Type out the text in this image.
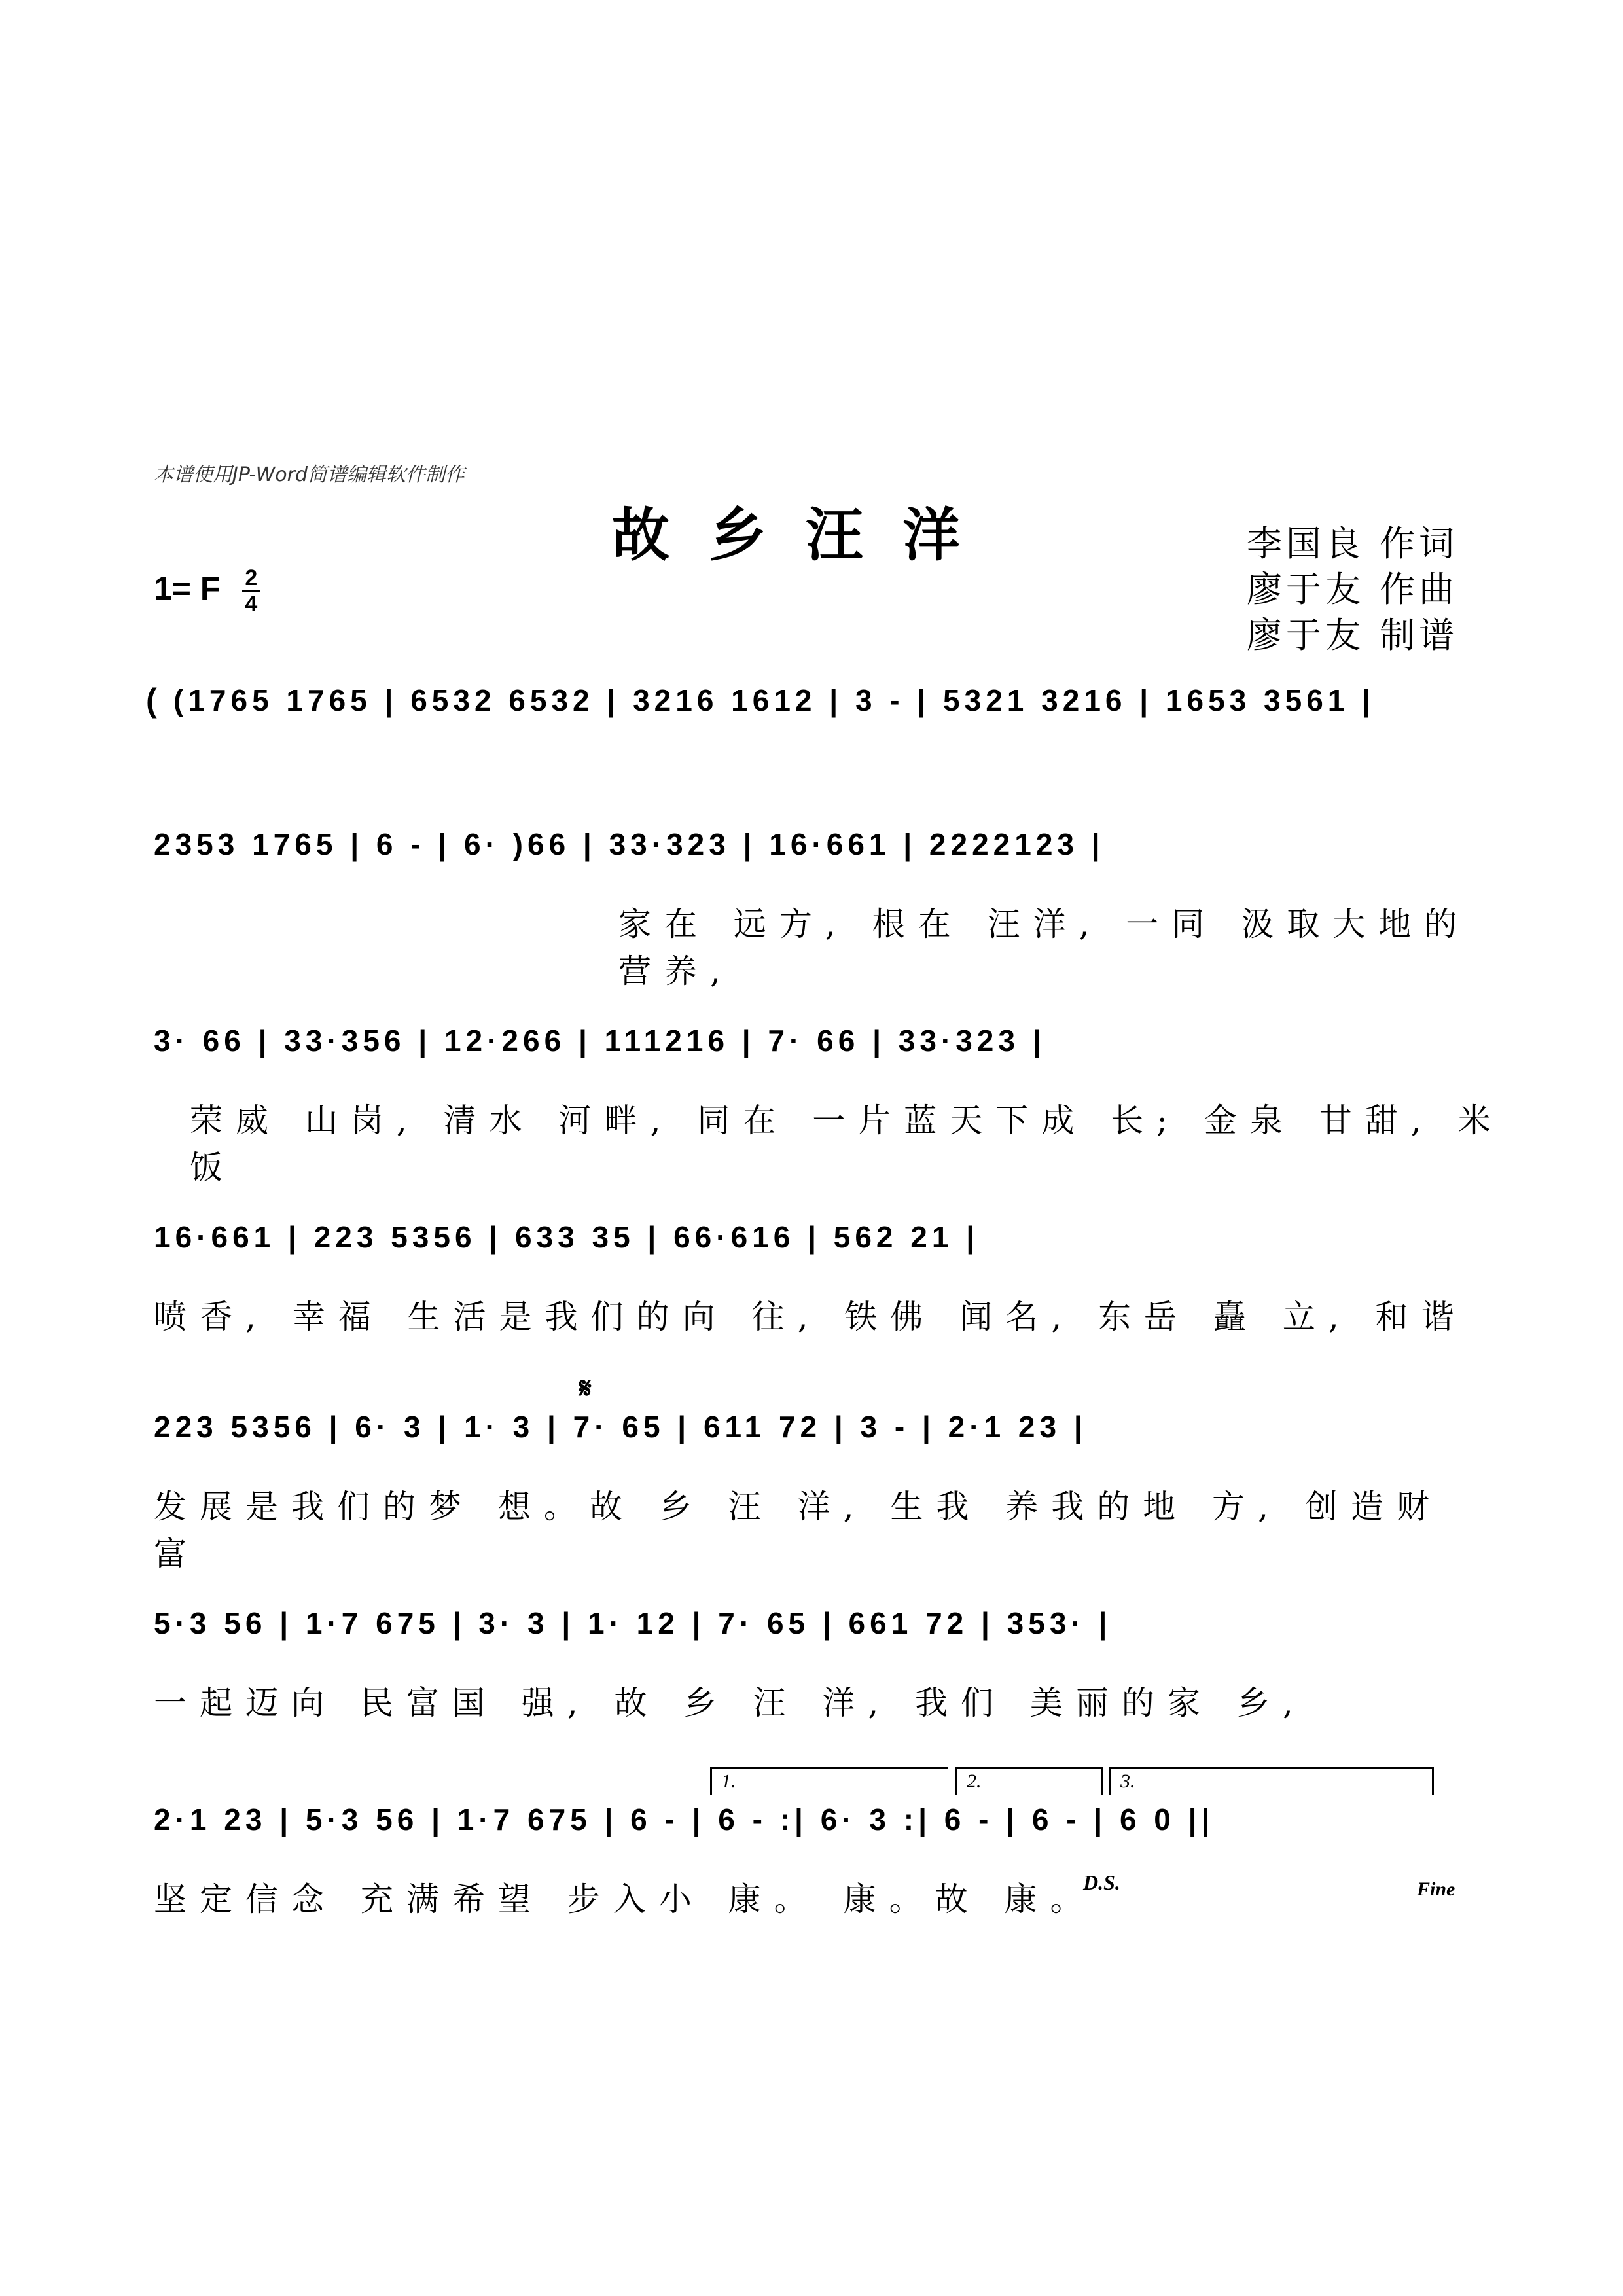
本谱使用JP-Word简谱编辑软件制作
故乡汪洋
1= F $\frac{2}{4}$
李国良 作词
廖于友 作曲
廖于友 制谱
( (1765 1765 | 6532 6532 | 3216 1612 | 3 - | 5321 3216 | 1653 3561 |
2353 1765 | 6 - | 6· )66 | 33·323 | 16·661 | 2222123 |
家在 远方, 根在 汪洋, 一同 汲取大地的营养,
3· 66 | 33·356 | 12·266 | 111216 | 7· 66 | 33·323 |
荣威 山岗, 清水 河畔, 同在 一片蓝天下成 长; 金泉 甘甜, 米饭
16·661 | 223 5356 | 633 35 | 66·616 | 562 21 |
喷香, 幸福 生活是我们的向 往, 铁佛 闻名, 东岳 矗 立, 和谐
𝄋
223 5356 | 6· 3 | 1· 3 | 7· 65 | 611 72 | 3 - | 2·1 23 |
发展是我们的梦 想。故 乡 汪 洋, 生我 养我的地 方, 创造财富
5·3 56 | 1·7 675 | 3· 3 | 1· 12 | 7· 65 | 661 72 | 353· |
一起迈向 民富国 强, 故 乡 汪 洋, 我们 美丽的家 乡,
1.	2.	3.
2·1 23 | 5·3 56 | 1·7 675 | 6 - | 6 - :| 6· 3 :| 6 - | 6 - | 6 0 ||
坚定信念 充满希望 步入小 康。 康。故 康。
D.S.	Fine
